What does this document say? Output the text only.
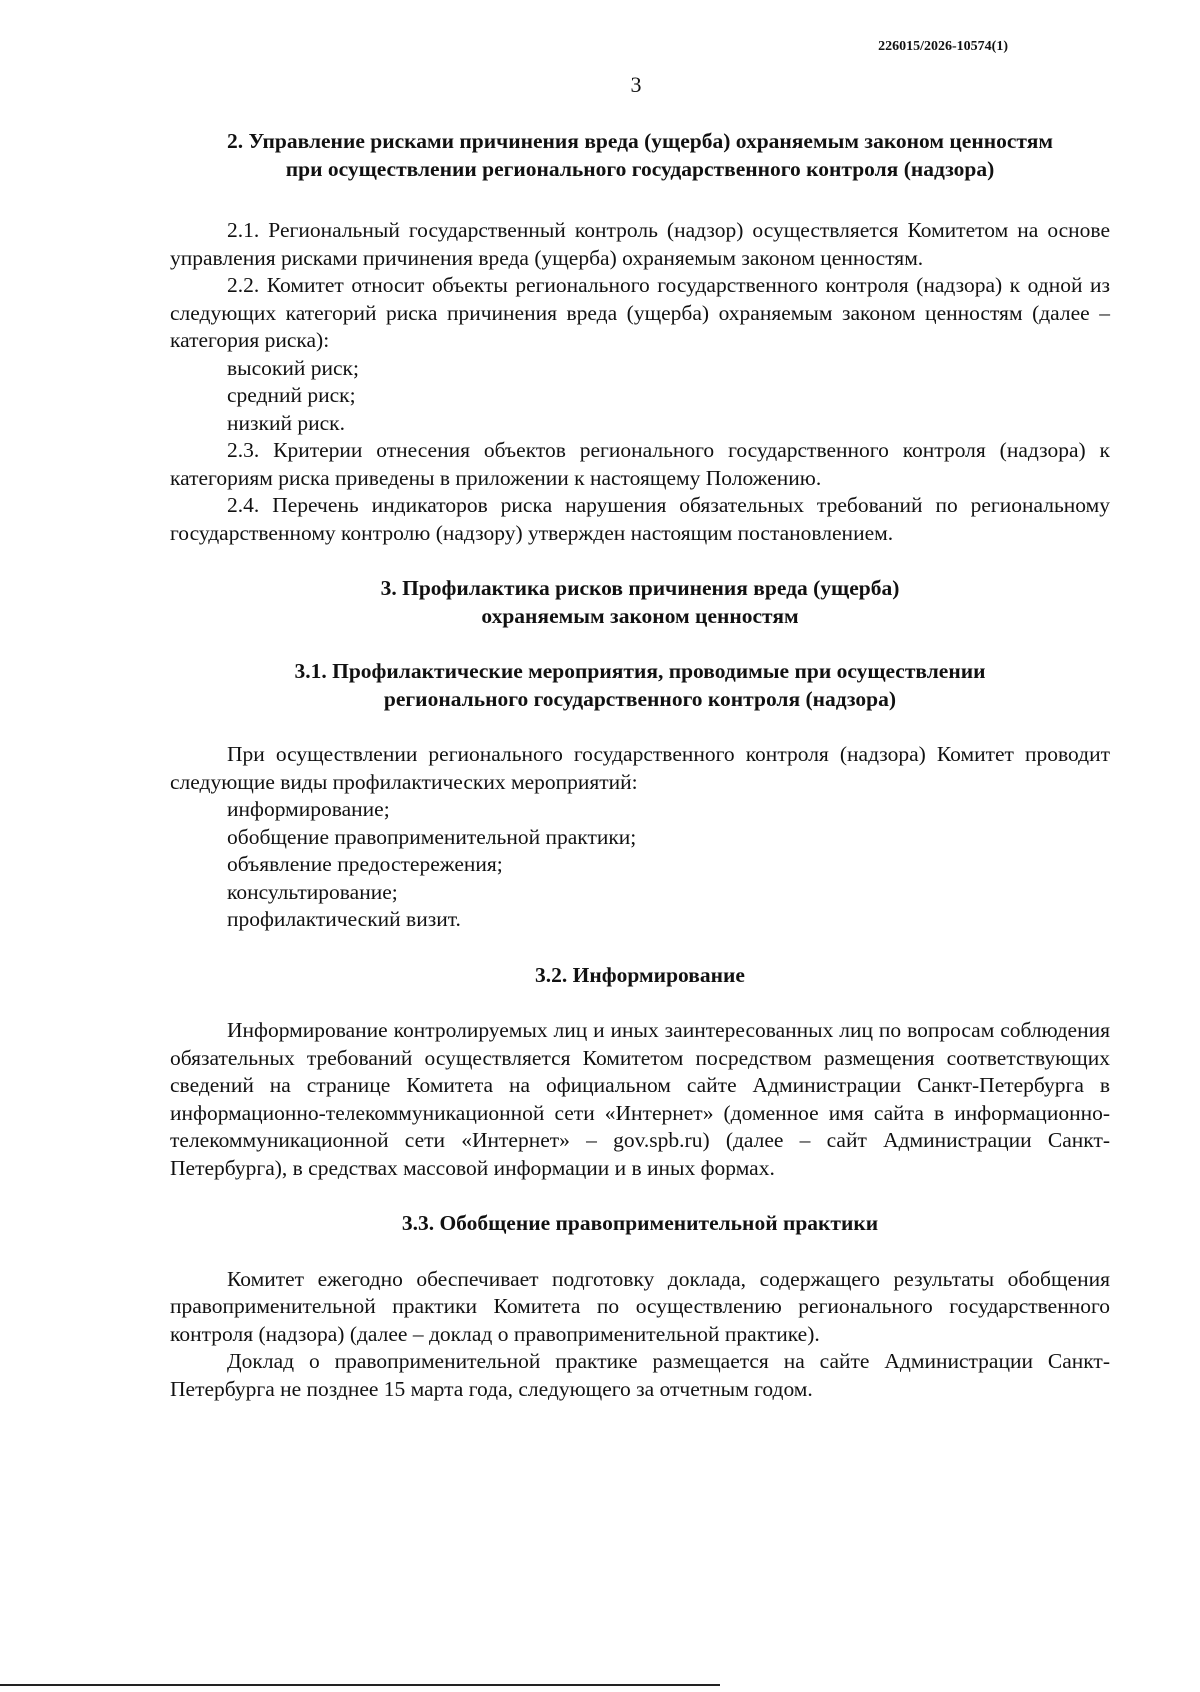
226015/2026-10574(1)
3

2. Управление рисками причинения вреда (ущерба) охраняемым законом ценностям

при осуществлении регионального государственного контроля (надзора)

2.1. Региональный государственный контроль (надзор) осуществляется Комитетом на основе управления рисками причинения вреда (ущерба) охраняемым законом ценностям.

2.2. Комитет относит объекты регионального государственного контроля (надзора) к одной из следующих категорий риска причинения вреда (ущерба) охраняемым законом ценностям (далее – категория риска):

высокий риск;

средний риск;

низкий риск.

2.3. Критерии отнесения объектов регионального государственного контроля (надзора) к категориям риска приведены в приложении к настоящему Положению.

2.4. Перечень индикаторов риска нарушения обязательных требований по региональному государственному контролю (надзору) утвержден настоящим постановлением.

3. Профилактика рисков причинения вреда (ущерба)

охраняемым законом ценностям

3.1. Профилактические мероприятия, проводимые при осуществлении

регионального государственного контроля (надзора)

При осуществлении регионального государственного контроля (надзора) Комитет проводит следующие виды профилактических мероприятий:

информирование;

обобщение правоприменительной практики;

объявление предостережения;

консультирование;

профилактический визит.

3.2. Информирование

Информирование контролируемых лиц и иных заинтересованных лиц по вопросам соблюдения обязательных требований осуществляется Комитетом посредством размещения соответствующих сведений на странице Комитета на официальном сайте Администрации Санкт-Петербурга в информационно-телекоммуникационной сети «Интернет» (доменное имя сайта в информационно-телекоммуникационной сети «Интернет» – gov.spb.ru) (далее – сайт Администрации Санкт-Петербурга), в средствах массовой информации и в иных формах.

3.3. Обобщение правоприменительной практики

Комитет ежегодно обеспечивает подготовку доклада, содержащего результаты обобщения правоприменительной практики Комитета по осуществлению регионального государственного контроля (надзора) (далее – доклад о правоприменительной практике).

Доклад о правоприменительной практике размещается на сайте Администрации Санкт-Петербурга не позднее 15 марта года, следующего за отчетным годом.
